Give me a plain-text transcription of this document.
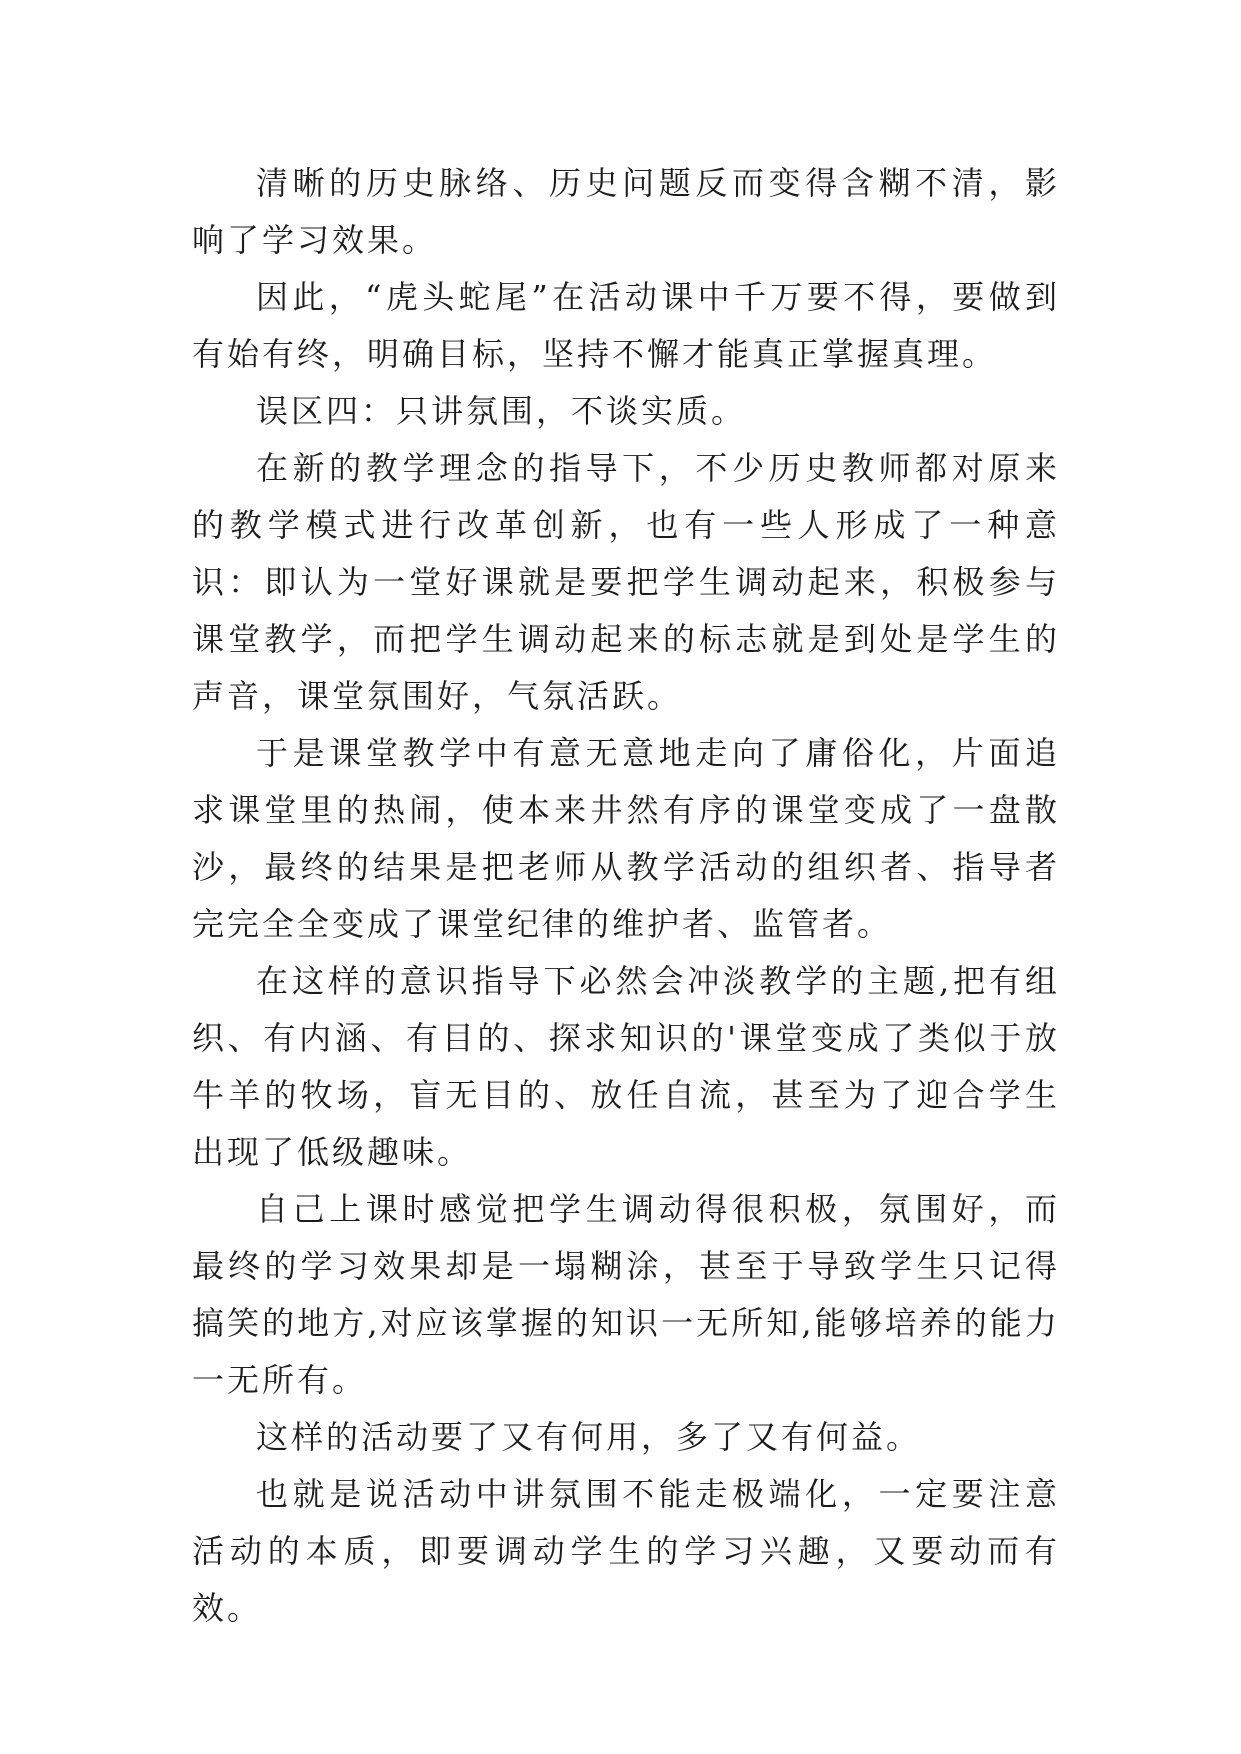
清晰的历史脉络、历史问题反而变得含糊不清，影响了学习效果。

因此，“虎头蛇尾”在活动课中千万要不得，要做到有始有终，明确目标，坚持不懈才能真正掌握真理。

误区四：只讲氛围，不谈实质。

在新的教学理念的指导下，不少历史教师都对原来的教学模式进行改革创新，也有一些人形成了一种意识：即认为一堂好课就是要把学生调动起来，积极参与课堂教学，而把学生调动起来的标志就是到处是学生的声音，课堂氛围好，气氛活跃。

于是课堂教学中有意无意地走向了庸俗化，片面追求课堂里的热闹，使本来井然有序的课堂变成了一盘散沙，最终的结果是把老师从教学活动的组织者、指导者完完全全变成了课堂纪律的维护者、监管者。

在这样的意识指导下必然会冲淡教学的主题,把有组织、有内涵、有目的、探求知识的'课堂变成了类似于放牛羊的牧场，盲无目的、放任自流，甚至为了迎合学生出现了低级趣味。

自己上课时感觉把学生调动得很积极，氛围好，而最终的学习效果却是一塌糊涂，甚至于导致学生只记得搞笑的地方,对应该掌握的知识一无所知,能够培养的能力一无所有。

这样的活动要了又有何用，多了又有何益。

也就是说活动中讲氛围不能走极端化，一定要注意活动的本质，即要调动学生的学习兴趣，又要动而有效。
